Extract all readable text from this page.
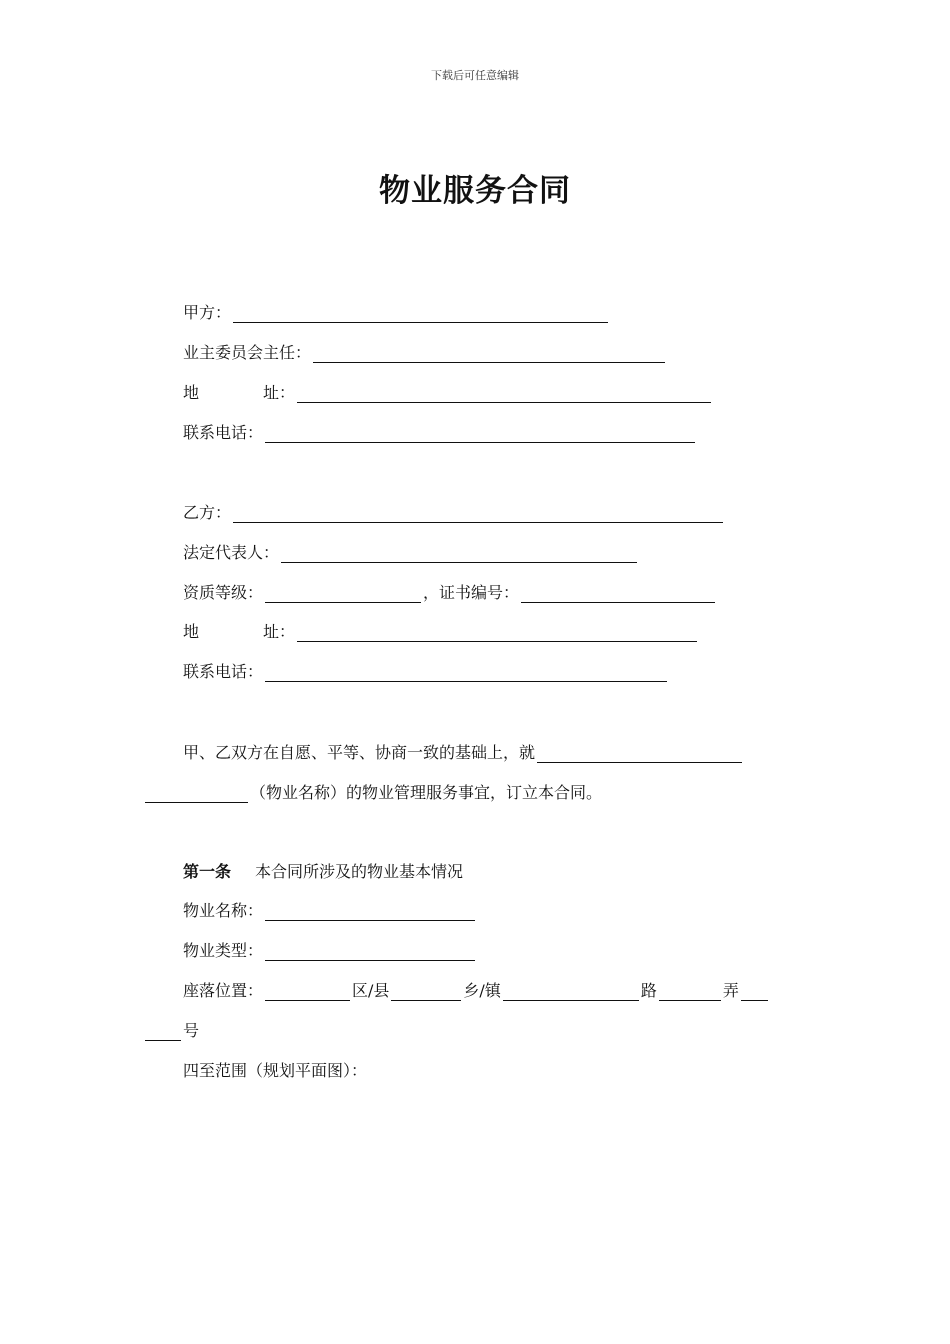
下载后可任意编辑
物业服务合同
甲方：
业主委员会主任：
地	址：
联系电话：
乙方：
法定代表人：
资质等级：	，证书编号：
地	址：
联系电话：
甲、乙双方在自愿、平等、协商一致的基础上，就
（物业名称）的物业管理服务事宜，订立本合同。
第一条 本合同所涉及的物业基本情况
物业名称：
物业类型：
座落位置：	区/县	乡/镇	路	弄
号
四至范围（规划平面图）：
